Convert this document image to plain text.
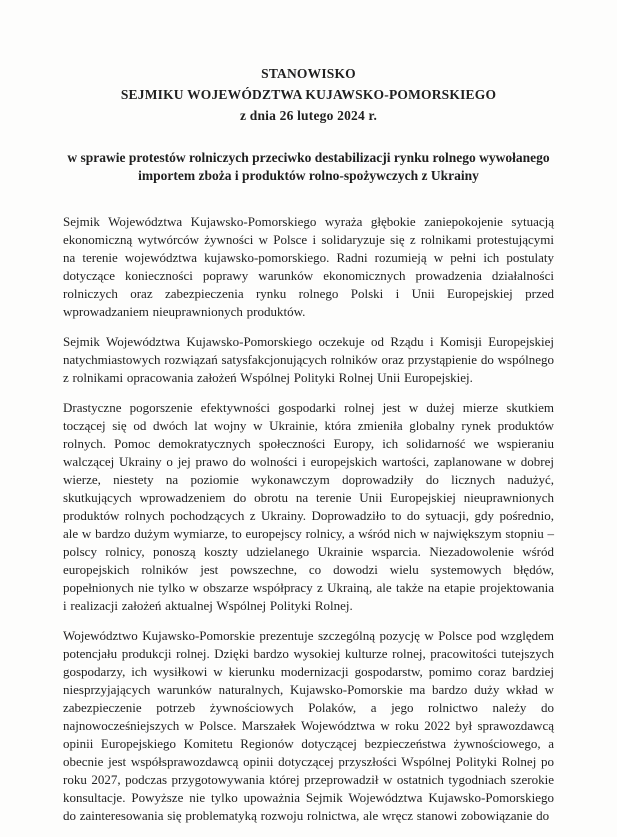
STANOWISKO
SEJMIKU WOJEWÓDZTWA KUJAWSKO-POMORSKIEGO
z dnia 26 lutego 2024 r.
w sprawie protestów rolniczych przeciwko destabilizacji rynku rolnego wywołanego importem zboża i produktów rolno-spożywczych z Ukrainy

Sejmik Województwa Kujawsko-Pomorskiego wyraża głębokie zaniepokojenie sytuacją ekonomiczną wytwórców żywności w Polsce i solidaryzuje się z rolnikami protestującymi na terenie województwa kujawsko-pomorskiego. Radni rozumieją w pełni ich postulaty dotyczące konieczności poprawy warunków ekonomicznych prowadzenia działalności rolniczych oraz zabezpieczenia rynku rolnego Polski i Unii Europejskiej przed wprowadzaniem nieuprawnionych produktów.

Sejmik Województwa Kujawsko-Pomorskiego oczekuje od Rządu i Komisji Europejskiej natychmiastowych rozwiązań satysfakcjonujących rolników oraz przystąpienie do wspólnego z rolnikami opracowania założeń Wspólnej Polityki Rolnej Unii Europejskiej.

Drastyczne pogorszenie efektywności gospodarki rolnej jest w dużej mierze skutkiem toczącej się od dwóch lat wojny w Ukrainie, która zmieniła globalny rynek produktów rolnych. Pomoc demokratycznych społeczności Europy, ich solidarność we wspieraniu walczącej Ukrainy o jej prawo do wolności i europejskich wartości, zaplanowane w dobrej wierze, niestety na poziomie wykonawczym doprowadziły do licznych nadużyć, skutkujących wprowadzeniem do obrotu na terenie Unii Europejskiej nieuprawnionych produktów rolnych pochodzących z Ukrainy. Doprowadziło to do sytuacji, gdy pośrednio, ale w bardzo dużym wymiarze, to europejscy rolnicy, a wśród nich w największym stopniu – polscy rolnicy, ponoszą koszty udzielanego Ukrainie wsparcia. Niezadowolenie wśród europejskich rolników jest powszechne, co dowodzi wielu systemowych błędów, popełnionych nie tylko w obszarze współpracy z Ukrainą, ale także na etapie projektowania i realizacji założeń aktualnej Wspólnej Polityki Rolnej.

Województwo Kujawsko-Pomorskie prezentuje szczególną pozycję w Polsce pod względem potencjału produkcji rolnej. Dzięki bardzo wysokiej kulturze rolnej, pracowitości tutejszych gospodarzy, ich wysiłkowi w kierunku modernizacji gospodarstw, pomimo coraz bardziej niesprzyjających warunków naturalnych, Kujawsko-Pomorskie ma bardzo duży wkład w zabezpieczenie potrzeb żywnościowych Polaków, a jego rolnictwo należy do najnowocześniejszych w Polsce. Marszałek Województwa w roku 2022 był sprawozdawcą opinii Europejskiego Komitetu Regionów dotyczącej bezpieczeństwa żywnościowego, a obecnie jest współsprawozdawcą opinii dotyczącej przyszłości Wspólnej Polityki Rolnej po roku 2027, podczas przygotowywania której przeprowadził w ostatnich tygodniach szerokie konsultacje. Powyższe nie tylko upoważnia Sejmik Województwa Kujawsko-Pomorskiego do zainteresowania się problematyką rozwoju rolnictwa, ale wręcz stanowi zobowiązanie do
